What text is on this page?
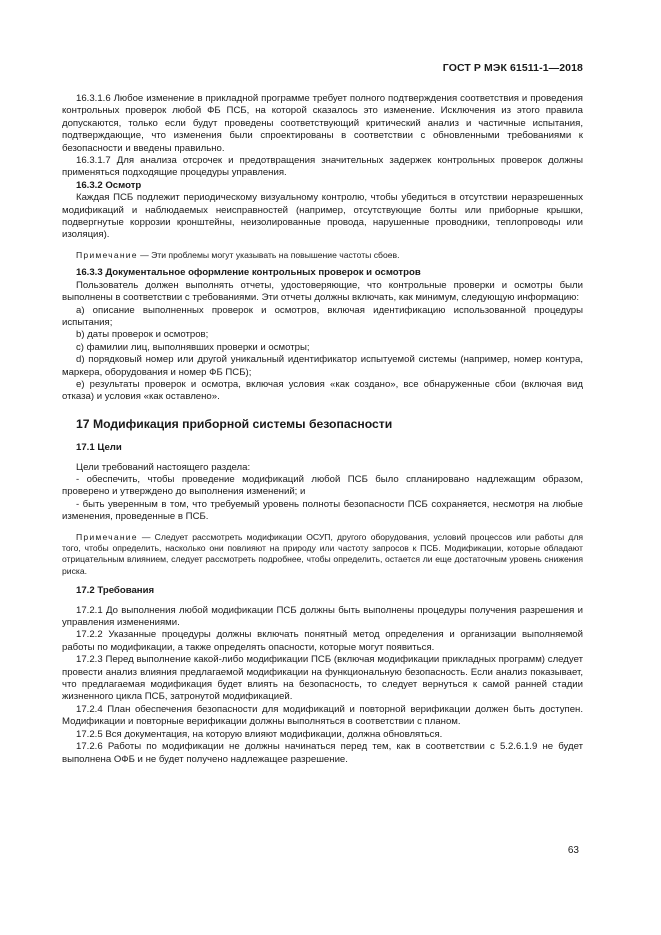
ГОСТ Р МЭК 61511-1—2018

16.3.1.6 Любое изменение в прикладной программе требует полного подтверждения соответствия и проведения контрольных проверок любой ФБ ПСБ, на которой сказалось это изменение. Исключения из этого правила допускаются, только если будут проведены соответствующий критический анализ и частичные испытания, подтверждающие, что изменения были спроектированы в соответствии с обновленными требованиями к безопасности и введены правильно.

16.3.1.7 Для анализа отсрочек и предотвращения значительных задержек контрольных проверок должны применяться подходящие процедуры управления.

16.3.2 Осмотр

Каждая ПСБ подлежит периодическому визуальному контролю, чтобы убедиться в отсутствии неразрешенных модификаций и наблюдаемых неисправностей (например, отсутствующие болты или приборные крышки, подвергнутые коррозии кронштейны, неизолированные провода, нарушенные проводники, теплопроводы или изоляция).

Примечание — Эти проблемы могут указывать на повышение частоты сбоев.

16.3.3 Документальное оформление контрольных проверок и осмотров

Пользователь должен выполнять отчеты, удостоверяющие, что контрольные проверки и осмотры были выполнены в соответствии с требованиями. Эти отчеты должны включать, как минимум, следующую информацию:

a) описание выполненных проверок и осмотров, включая идентификацию использованной процедуры испытания;

b) даты проверок и осмотров;

c) фамилии лиц, выполнявших проверки и осмотры;

d) порядковый номер или другой уникальный идентификатор испытуемой системы (например, номер контура, маркера, оборудования и номер ФБ ПСБ);

e) результаты проверок и осмотра, включая условия «как создано», все обнаруженные сбои (включая вид отказа) и условия «как оставлено».

17 Модификация приборной системы безопасности

17.1 Цели

Цели требований настоящего раздела:

- обеспечить, чтобы проведение модификаций любой ПСБ было спланировано надлежащим образом, проверено и утверждено до выполнения изменений; и

- быть уверенным в том, что требуемый уровень полноты безопасности ПСБ сохраняется, несмотря на любые изменения, проведенные в ПСБ.

Примечание — Следует рассмотреть модификации ОСУП, другого оборудования, условий процессов или работы для того, чтобы определить, насколько они повлияют на природу или частоту запросов к ПСБ. Модификации, которые обладают отрицательным влиянием, следует рассмотреть подробнее, чтобы определить, остается ли еще достаточным уровень снижения риска.

17.2 Требования

17.2.1 До выполнения любой модификации ПСБ должны быть выполнены процедуры получения разрешения и управления изменениями.

17.2.2 Указанные процедуры должны включать понятный метод определения и организации выполняемой работы по модификации, а также определять опасности, которые могут появиться.

17.2.3 Перед выполнение какой-либо модификации ПСБ (включая модификации прикладных программ) следует провести анализ влияния предлагаемой модификации на функциональную безопасность. Если анализ показывает, что предлагаемая модификация будет влиять на безопасность, то следует вернуться к самой ранней стадии жизненного цикла ПСБ, затронутой модификацией.

17.2.4 План обеспечения безопасности для модификаций и повторной верификации должен быть доступен. Модификации и повторные верификации должны выполняться в соответствии с планом.

17.2.5 Вся документация, на которую влияют модификации, должна обновляться.

17.2.6 Работы по модификации не должны начинаться перед тем, как в соответствии с 5.2.6.1.9 не будет выполнена ОФБ и не будет получено надлежащее разрешение.

63
